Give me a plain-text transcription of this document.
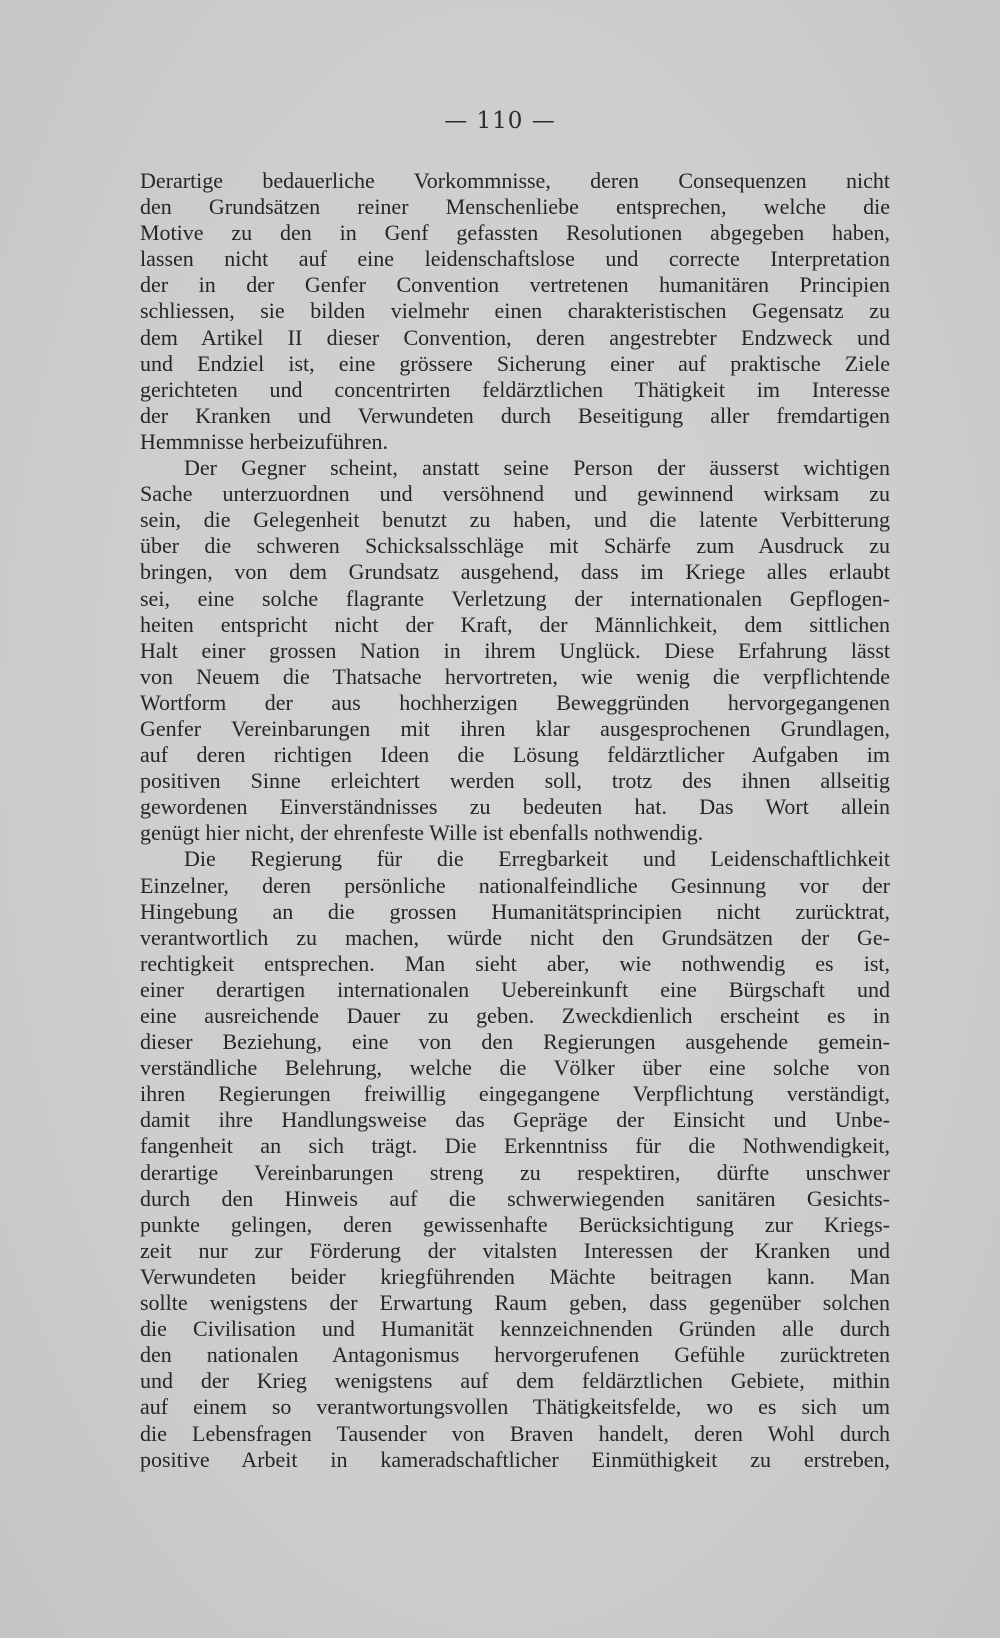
— 110 —
Derartige bedauerliche Vorkommnisse, deren Consequenzen nicht
den Grundsätzen reiner Menschenliebe entsprechen, welche die
Motive zu den in Genf gefassten Resolutionen abgegeben haben,
lassen nicht auf eine leidenschaftslose und correcte Interpretation
der in der Genfer Convention vertretenen humanitären Principien
schliessen, sie bilden vielmehr einen charakteristischen Gegensatz zu
dem Artikel II dieser Convention, deren angestrebter Endzweck und
und Endziel ist, eine grössere Sicherung einer auf praktische Ziele
gerichteten und concentrirten feldärztlichen Thätigkeit im Interesse
der Kranken und Verwundeten durch Beseitigung aller fremdartigen
Hemmnisse herbeizuführen.
Der Gegner scheint, anstatt seine Person der äusserst wichtigen
Sache unterzuordnen und versöhnend und gewinnend wirksam zu
sein, die Gelegenheit benutzt zu haben, und die latente Verbitterung
über die schweren Schicksalsschläge mit Schärfe zum Ausdruck zu
bringen, von dem Grundsatz ausgehend, dass im Kriege alles erlaubt
sei, eine solche flagrante Verletzung der internationalen Gepflogen-
heiten entspricht nicht der Kraft, der Männlichkeit, dem sittlichen
Halt einer grossen Nation in ihrem Unglück. Diese Erfahrung lässt
von Neuem die Thatsache hervortreten, wie wenig die verpflichtende
Wortform der aus hochherzigen Beweggründen hervorgegangenen
Genfer Vereinbarungen mit ihren klar ausgesprochenen Grundlagen,
auf deren richtigen Ideen die Lösung feldärztlicher Aufgaben im
positiven Sinne erleichtert werden soll, trotz des ihnen allseitig
gewordenen Einverständnisses zu bedeuten hat. Das Wort allein
genügt hier nicht, der ehrenfeste Wille ist ebenfalls nothwendig.
Die Regierung für die Erregbarkeit und Leidenschaftlichkeit
Einzelner, deren persönliche nationalfeindliche Gesinnung vor der
Hingebung an die grossen Humanitätsprincipien nicht zurücktrat,
verantwortlich zu machen, würde nicht den Grundsätzen der Ge-
rechtigkeit entsprechen. Man sieht aber, wie nothwendig es ist,
einer derartigen internationalen Uebereinkunft eine Bürgschaft und
eine ausreichende Dauer zu geben. Zweckdienlich erscheint es in
dieser Beziehung, eine von den Regierungen ausgehende gemein-
verständliche Belehrung, welche die Völker über eine solche von
ihren Regierungen freiwillig eingegangene Verpflichtung verständigt,
damit ihre Handlungsweise das Gepräge der Einsicht und Unbe-
fangenheit an sich trägt. Die Erkenntniss für die Nothwendigkeit,
derartige Vereinbarungen streng zu respektiren, dürfte unschwer
durch den Hinweis auf die schwerwiegenden sanitären Gesichts-
punkte gelingen, deren gewissenhafte Berücksichtigung zur Kriegs-
zeit nur zur Förderung der vitalsten Interessen der Kranken und
Verwundeten beider kriegführenden Mächte beitragen kann. Man
sollte wenigstens der Erwartung Raum geben, dass gegenüber solchen
die Civilisation und Humanität kennzeichnenden Gründen alle durch
den nationalen Antagonismus hervorgerufenen Gefühle zurücktreten
und der Krieg wenigstens auf dem feldärztlichen Gebiete, mithin
auf einem so verantwortungsvollen Thätigkeitsfelde, wo es sich um
die Lebensfragen Tausender von Braven handelt, deren Wohl durch
positive Arbeit in kameradschaftlicher Einmüthigkeit zu erstreben,
